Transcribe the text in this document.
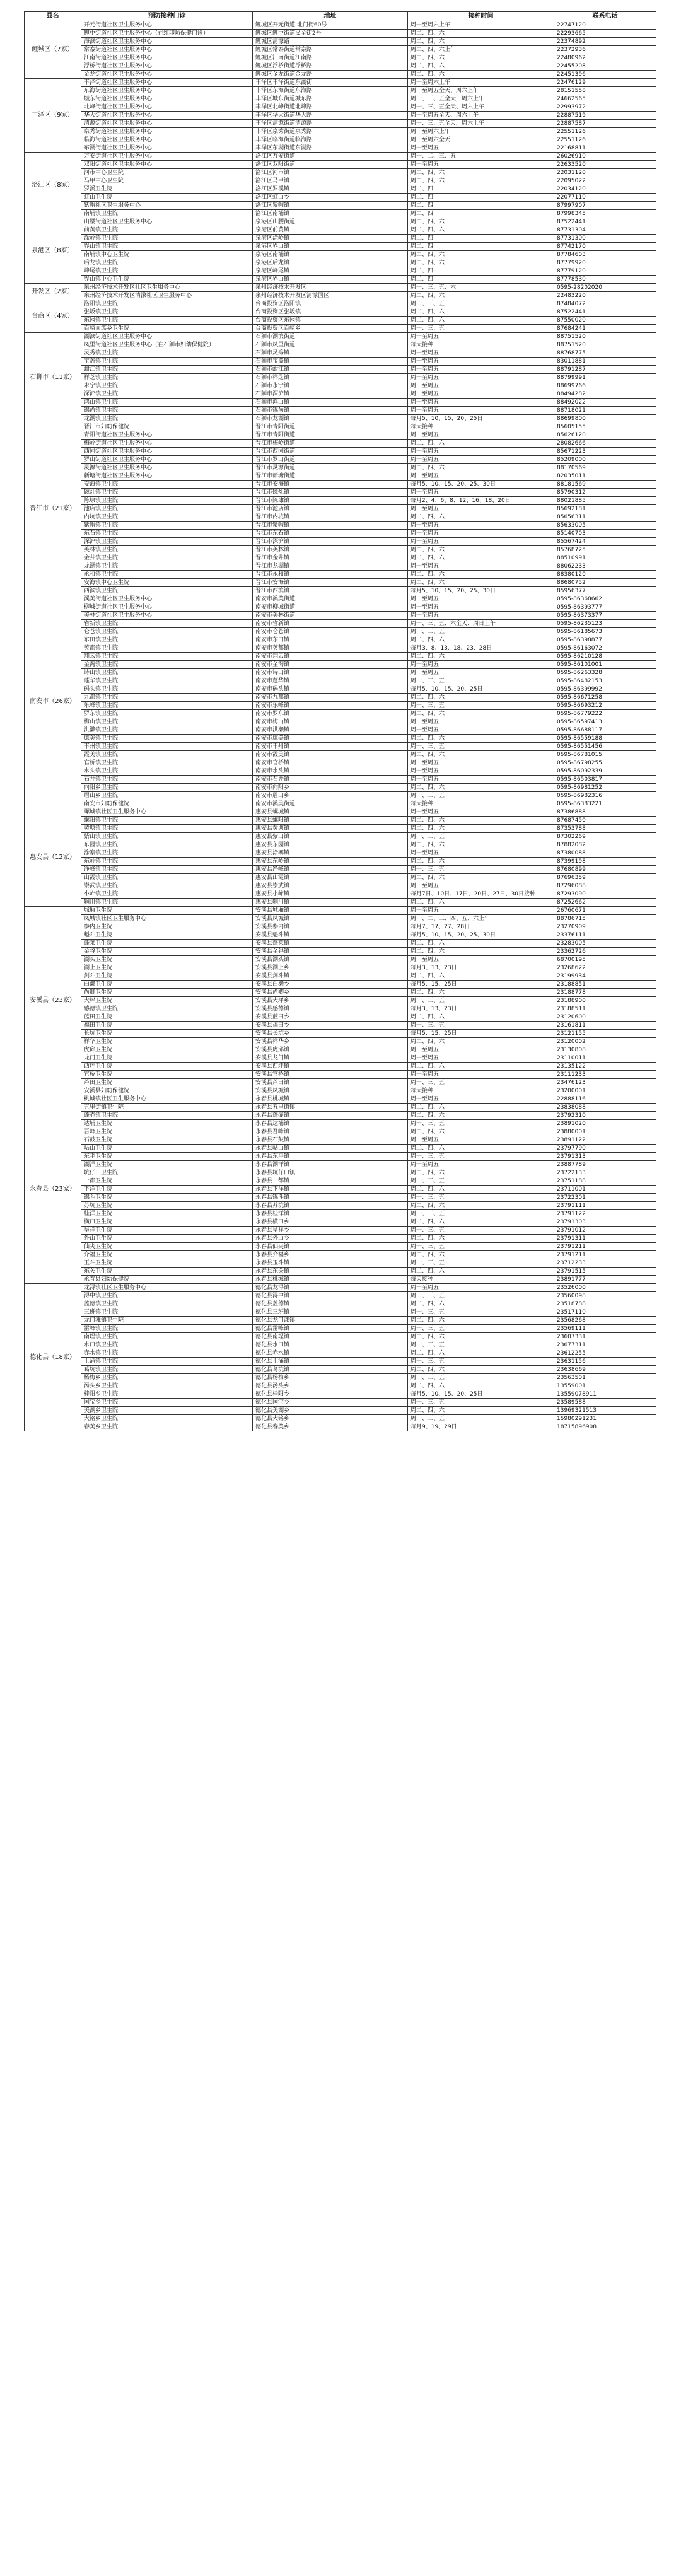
县名	预防接种门诊	地址	接种时间	联系电话
鲤城区（7家）	开元街道社区卫生服务中心	鲤城区开元街道 北门街60号	周一至周六上午	22747120
	鲤中街道社区卫生服务中心（在红印防保健门诊）	鲤城区鲤中街道义全街2号	周二、四、六	22293665
	海滨街道社区卫生服务中心	鲤城区清濛路	周二、四、六	22374892
	常泰街道社区卫生服务中心	鲤城区常泰街道常泰路	周二、四、六上午	22372936
	江南街道社区卫生服务中心	鲤城区江南街道江南路	周二、四、六	22480962
	浮桥街道社区卫生服务中心	鲤城区浮桥街道浮桥路	周二、四、六	22455208
	金龙街道社区卫生服务中心	鲤城区金龙街道金龙路	周二、四、六	22451396
丰泽区（9家）	丰泽街道社区卫生服务中心	丰泽区丰泽街道东湖街	周一至周六上午	22476129
	东海街道社区卫生服务中心	丰泽区东海街道东海路	周一至周五全天、周六上午	28151558
	城东街道社区卫生服务中心	丰泽区城东街道城东路	周一、三、五全天，周六上午	24662565
	北峰街道社区卫生服务中心	丰泽区北峰街道北峰路	周一、三、五全天、周六上午	22993972
	华大街道社区卫生服务中心	丰泽区华大街道华大路	周一至周五全天、周六上午	22887519
	清源街道社区卫生服务中心	丰泽区清源街道清源路	周一、三、五全天，周六上午	22887587
	泉秀街道社区卫生服务中心	丰泽区泉秀街道泉秀路	周一至周六上午	22551126
	临海街道社区卫生服务中心	丰泽区临海街道临海路	周一至周六全天	22551126
	东湖街道社区卫生服务中心	丰泽区东湖街道东湖路	周一至周五	22168811
洛江区（8家）	万安街道社区卫生服务中心	洛江区万安街道	周一、二、三、五	26026910
	双阳街道社区卫生服务中心	洛江区双阳街道	周一至周五	22633520
	河市中心卫生院	洛江区河市镇	周二、四、六	22031120
	马甲中心卫生院	洛江区马甲镇	周二、四、六	22095022
	罗溪卫生院	洛江区罗溪镇	周二、四	22034120
	虹山卫生院	洛江区虹山乡	周二、四	22077110
	紫帽社区卫生服务中心	洛江区紫帽镇	周二、四	87997907
	南埔镇卫生院	洛江区南埔镇	周二、四	87998345
泉港区（8家）	山腰街道社区卫生服务中心	泉港区山腰街道	周二、四、六	87522441
	前黄镇卫生院	泉港区前黄镇	周二、四、六	87731304
	涂岭镇卫生院	泉港区涂岭镇	周二、四	87731300
	界山镇卫生院	泉港区界山镇	周二、四	87742170
	南埔镇中心卫生院	泉港区南埔镇	周二、四、六	87784603
	后龙镇卫生院	泉港区后龙镇	周二、四、六	87779920
	峰尾镇卫生院	泉港区峰尾镇	周二、四	87779120
	界山镇中心卫生院	泉港区界山镇	周二、四	87778530
开发区（2家）	泉州经济技术开发区社区卫生服务中心	泉州经济技术开发区	周一、三、五、六	0595-28202020
	泉州经济技术开发区清濛社区卫生服务中心	泉州经济技术开发区清濛园区	周二、四、六	22483220
台商区（4家）	洛阳镇卫生院	台商投资区洛阳镇	周一、三、五	87484072
	张坂镇卫生院	台商投资区张坂镇	周二、四、六	87522441
	东园镇卫生院	台商投资区东园镇	周二、四、六	87550020
	百崎回族乡卫生院	台商投资区百崎乡	周一、三、五	87684241
石狮市（11家）	湖滨街道社区卫生服务中心	石狮市湖滨街道	周一至周五	88751520
	凤里街道社区卫生服务中心（在石狮市妇幼保健院）	石狮市凤里街道	每天接种	88751520
	灵秀镇卫生院	石狮市灵秀镇	周一至周五	88768775
	宝盖镇卫生院	石狮市宝盖镇	周一至周五	83011881
	蚶江镇卫生院	石狮市蚶江镇	周一至周五	88791287
	祥芝镇卫生院	石狮市祥芝镇	周一至周五	88799991
	永宁镇卫生院	石狮市永宁镇	周一至周五	88699766
	深沪镇卫生院	石狮市深沪镇	周一至周五	88494282
	鸿山镇卫生院	石狮市鸿山镇	周一至周五	88492022
	锦尚镇卫生院	石狮市锦尚镇	周一至周五	88718021
	龙湖镇卫生院	石狮市龙湖镇	每月5、10、15、20、25日	88699800
晋江市（21家）	晋江市妇幼保健院	晋江市青阳街道	每天接种	85605155
	青阳街道社区卫生服务中心	晋江市青阳街道	周一至周五	85626120
	梅岭街道社区卫生服务中心	晋江市梅岭街道	周二、四、六	28082666
	西园街道社区卫生服务中心	晋江市西园街道	周一至周五	85671223
	罗山街道社区卫生服务中心	晋江市罗山街道	周一至周五	85209000
	灵源街道社区卫生服务中心	晋江市灵源街道	周二、四、六	88170569
	新塘街道社区卫生服务中心	晋江市新塘街道	周一至周五	82035011
	安海镇卫生院	晋江市安海镇	每月5、10、15、20、25、30日	88181569
	磁灶镇卫生院	晋江市磁灶镇	周一至周五	85790312
	陈埭镇卫生院	晋江市陈埭镇	每月2、4、6、8、12、16、18、20日	88021885
	池店镇卫生院	晋江市池店镇	周一至周五	85692181
	内坑镇卫生院	晋江市内坑镇	周二、四、六	85656311
	紫帽镇卫生院	晋江市紫帽镇	周一至周五	85633005
	东石镇卫生院	晋江市东石镇	周一至周五	85140703
	深沪镇卫生院	晋江市深沪镇	周一至周五	85567424
	英林镇卫生院	晋江市英林镇	周二、四、六	85768725
	金井镇卫生院	晋江市金井镇	周二、四、六	88510991
	龙湖镇卫生院	晋江市龙湖镇	周一至周五	88062233
	永和镇卫生院	晋江市永和镇	周二、四、六	88380120
	安海镇中心卫生院	晋江市安海镇	周二、四、六	88680752
	西滨镇卫生院	晋江市西滨镇	每月5、10、15、20、25、30日	85956377
南安市（26家）	溪美街道社区卫生服务中心	南安市溪美街道	周一至周五	0595-86368662
	柳城街道社区卫生服务中心	南安市柳城街道	周一至周五	0595-86393777
	美林街道社区卫生服务中心	南安市美林街道	周一至周五	0595-86373377
	省新镇卫生院	南安市省新镇	周一、三、五、六全天、周日上午	0595-86235123
	仑苍镇卫生院	南安市仑苍镇	周一、三、五	0595-86185673
	东田镇卫生院	南安市东田镇	周二、四、六	0595-86398877
	英都镇卫生院	南安市英都镇	每月3、8、13、18、23、28日	0595-86163072
	翔云镇卫生院	南安市翔云镇	周二、四、六	0595-86210128
	金淘镇卫生院	南安市金淘镇	周一至周五	0595-86101001
	诗山镇卫生院	南安市诗山镇	周一至周五	0595-86263328
	蓬华镇卫生院	南安市蓬华镇	周一、三、五	0595-86482153
	码头镇卫生院	南安市码头镇	每月5、10、15、20、25日	0595-86399992
	九都镇卫生院	南安市九都镇	周二、四、六	0595-86671258
	乐峰镇卫生院	南安市乐峰镇	周一、三、五	0595-86693212
	罗东镇卫生院	南安市罗东镇	周二、四、六	0595-86779222
	梅山镇卫生院	南安市梅山镇	周一至周五	0595-86597413
	洪濑镇卫生院	南安市洪濑镇	周一至周五	0595-86688117
	康美镇卫生院	南安市康美镇	周二、四、六	0595-86559188
	丰州镇卫生院	南安市丰州镇	周一、三、五	0595-86551456
	霞美镇卫生院	南安市霞美镇	周二、四、六	0595-86781015
	官桥镇卫生院	南安市官桥镇	周一至周五	0595-86798255
	水头镇卫生院	南安市水头镇	周一至周五	0595-86092339
	石井镇卫生院	南安市石井镇	周一至周五	0595-86503817
	向阳乡卫生院	南安市向阳乡	周二、四、六	0595-86981252
	眉山乡卫生院	南安市眉山乡	周一、三、五	0595-86982316
	南安市妇幼保健院	南安市溪美街道	每天接种	0595-86383221
惠安县（12家）	螺城镇社区卫生服务中心	惠安县螺城镇	周一至周五	87386888
	螺阳镇卫生院	惠安县螺阳镇	周二、四、六	87687450
	黄塘镇卫生院	惠安县黄塘镇	周二、四、六	87353788
	紫山镇卫生院	惠安县紫山镇	周一、三、五	87302269
	东园镇卫生院	惠安县东园镇	周二、四、六	87882082
	涂寨镇卫生院	惠安县涂寨镇	周一至周五	87380088
	东岭镇卫生院	惠安县东岭镇	周二、四、六	87399198
	净峰镇卫生院	惠安县净峰镇	周一、三、五	87680899
	山霞镇卫生院	惠安县山霞镇	周二、四、六	87696359
	崇武镇卫生院	惠安县崇武镇	周一至周五	87296088
	小岞镇卫生院	惠安县小岞镇	每月7日、10日、17日、20日、27日、30日接种	87293090
	辋川镇卫生院	惠安县辋川镇	周二、四、六	87252662
安溪县（23家）	城厢卫生院	安溪县城厢镇	周一至周五	26760671
	凤城镇社区卫生服务中心	安溪县凤城镇	周一、二、三、四、五、六上午	88786715
	参内卫生院	安溪县参内镇	每月7、17、27、28日	23270909
	魁斗卫生院	安溪县魁斗镇	每月5、10、15、20、25、30日	23376111
	蓬莱卫生院	安溪县蓬莱镇	周二、四、六	23283005
	金谷卫生院	安溪县金谷镇	周二、四、六	23362726
	湖头卫生院	安溪县湖头镇	周一至周五	68700195
	湖上卫生院	安溪县湖上乡	每月3、13、23日	23268622
	剑斗卫生院	安溪县剑斗镇	周二、四、六	23199934
	白濑卫生院	安溪县白濑乡	每月5、15、25日	23188851
	尚卿卫生院	安溪县尚卿乡	周二、四、六	23188778
	大坪卫生院	安溪县大坪乡	周一、三、五	23188900
	感德镇卫生院	安溪县感德镇	每月3、13、23日	23188511
	蓝田卫生院	安溪县蓝田乡	周二、四、六	23120600
	福田卫生院	安溪县福田乡	周一、三、五	23161811
	长坑卫生院	安溪县长坑乡	每月5、15、25日	23121155
	祥华卫生院	安溪县祥华乡	周二、四、六	23120002
	虎邱卫生院	安溪县虎邱镇	周一至周五	23130808
	龙门卫生院	安溪县龙门镇	周一至周五	23110011
	西坪卫生院	安溪县西坪镇	周二、四、六	23135122
	官桥卫生院	安溪县官桥镇	周一至周五	23111233
	芦田卫生院	安溪县芦田镇	周一、三、五	23476123
	安溪县妇幼保健院	安溪县凤城镇	每天接种	23200001
永春县（23家）	桃城镇社区卫生服务中心	永春县桃城镇	周一至周五	22888116
	五里街镇卫生院	永春县五里街镇	周二、四、六	23838088
	蓬壶镇卫生院	永春县蓬壶镇	周二、四、六	23792310
	达埔卫生院	永春县达埔镇	周一、三、五	23891020
	吾峰卫生院	永春县吾峰镇	周二、四、六	23880001
	石鼓卫生院	永春县石鼓镇	周一至周五	23891122
	岵山卫生院	永春县岵山镇	周二、四、六	23797790
	东平卫生院	永春县东平镇	周一、三、五	23791313
	湖洋卫生院	永春县湖洋镇	周一至周五	23887789
	坑仔口卫生院	永春县坑仔口镇	周二、四、六	23722133
	一都卫生院	永春县一都镇	周一、三、五	23751188
	下洋卫生院	永春县下洋镇	周二、四、六	23711001
	锦斗卫生院	永春县锦斗镇	周一、三、五	23722301
	苏坑卫生院	永春县苏坑镇	周二、四、六	23791111
	桂洋卫生院	永春县桂洋镇	周一、三、五	23791122
	横口卫生院	永春县横口乡	周二、四、六	23791303
	呈祥卫生院	永春县呈祥乡	周一、三、五	23791012
	外山卫生院	永春县外山乡	周二、四、六	23791311
	仙夹卫生院	永春县仙夹镇	周一、三、五	23791211
	介福卫生院	永春县介福乡	周二、四、六	23791211
	玉斗卫生院	永春县玉斗镇	周一、三、五	23712233
	东关卫生院	永春县东关镇	周二、四、六	23791515
	永春县妇幼保健院	永春县桃城镇	每天接种	23891777
德化县（18家）	龙浔镇社区卫生服务中心	德化县龙浔镇	周一至周五	23526000
	浔中镇卫生院	德化县浔中镇	周一、三、五	23560098
	盖德镇卫生院	德化县盖德镇	周二、四、六	23518788
	三班镇卫生院	德化县三班镇	周一、三、五	23517110
	龙门滩镇卫生院	德化县龙门滩镇	周二、四、六	23568268
	雷峰镇卫生院	德化县雷峰镇	周一、三、五	23569111
	南埕镇卫生院	德化县南埕镇	周二、四、六	23607331
	水口镇卫生院	德化县水口镇	周一、三、五	23677311
	赤水镇卫生院	德化县赤水镇	周二、四、六	23612255
	上涌镇卫生院	德化县上涌镇	周一、三、五	23631156
	葛坑镇卫生院	德化县葛坑镇	周二、四、六	23638669
	杨梅乡卫生院	德化县杨梅乡	周一、三、五	23563501
	汤头乡卫生院	德化县汤头乡	周二、四、六	13559001
	桂阳乡卫生院	德化县桂阳乡	每月5、10、15、20、25日	13559078911
	国宝乡卫生院	德化县国宝乡	周一、三、五	23589588
	美湖乡卫生院	德化县美湖乡	周二、四、六	13969321513
	大铭乡卫生院	德化县大铭乡	周一、三、五	15980291231
	春美乡卫生院	德化县春美乡	每月9、19、29日	18715896908
